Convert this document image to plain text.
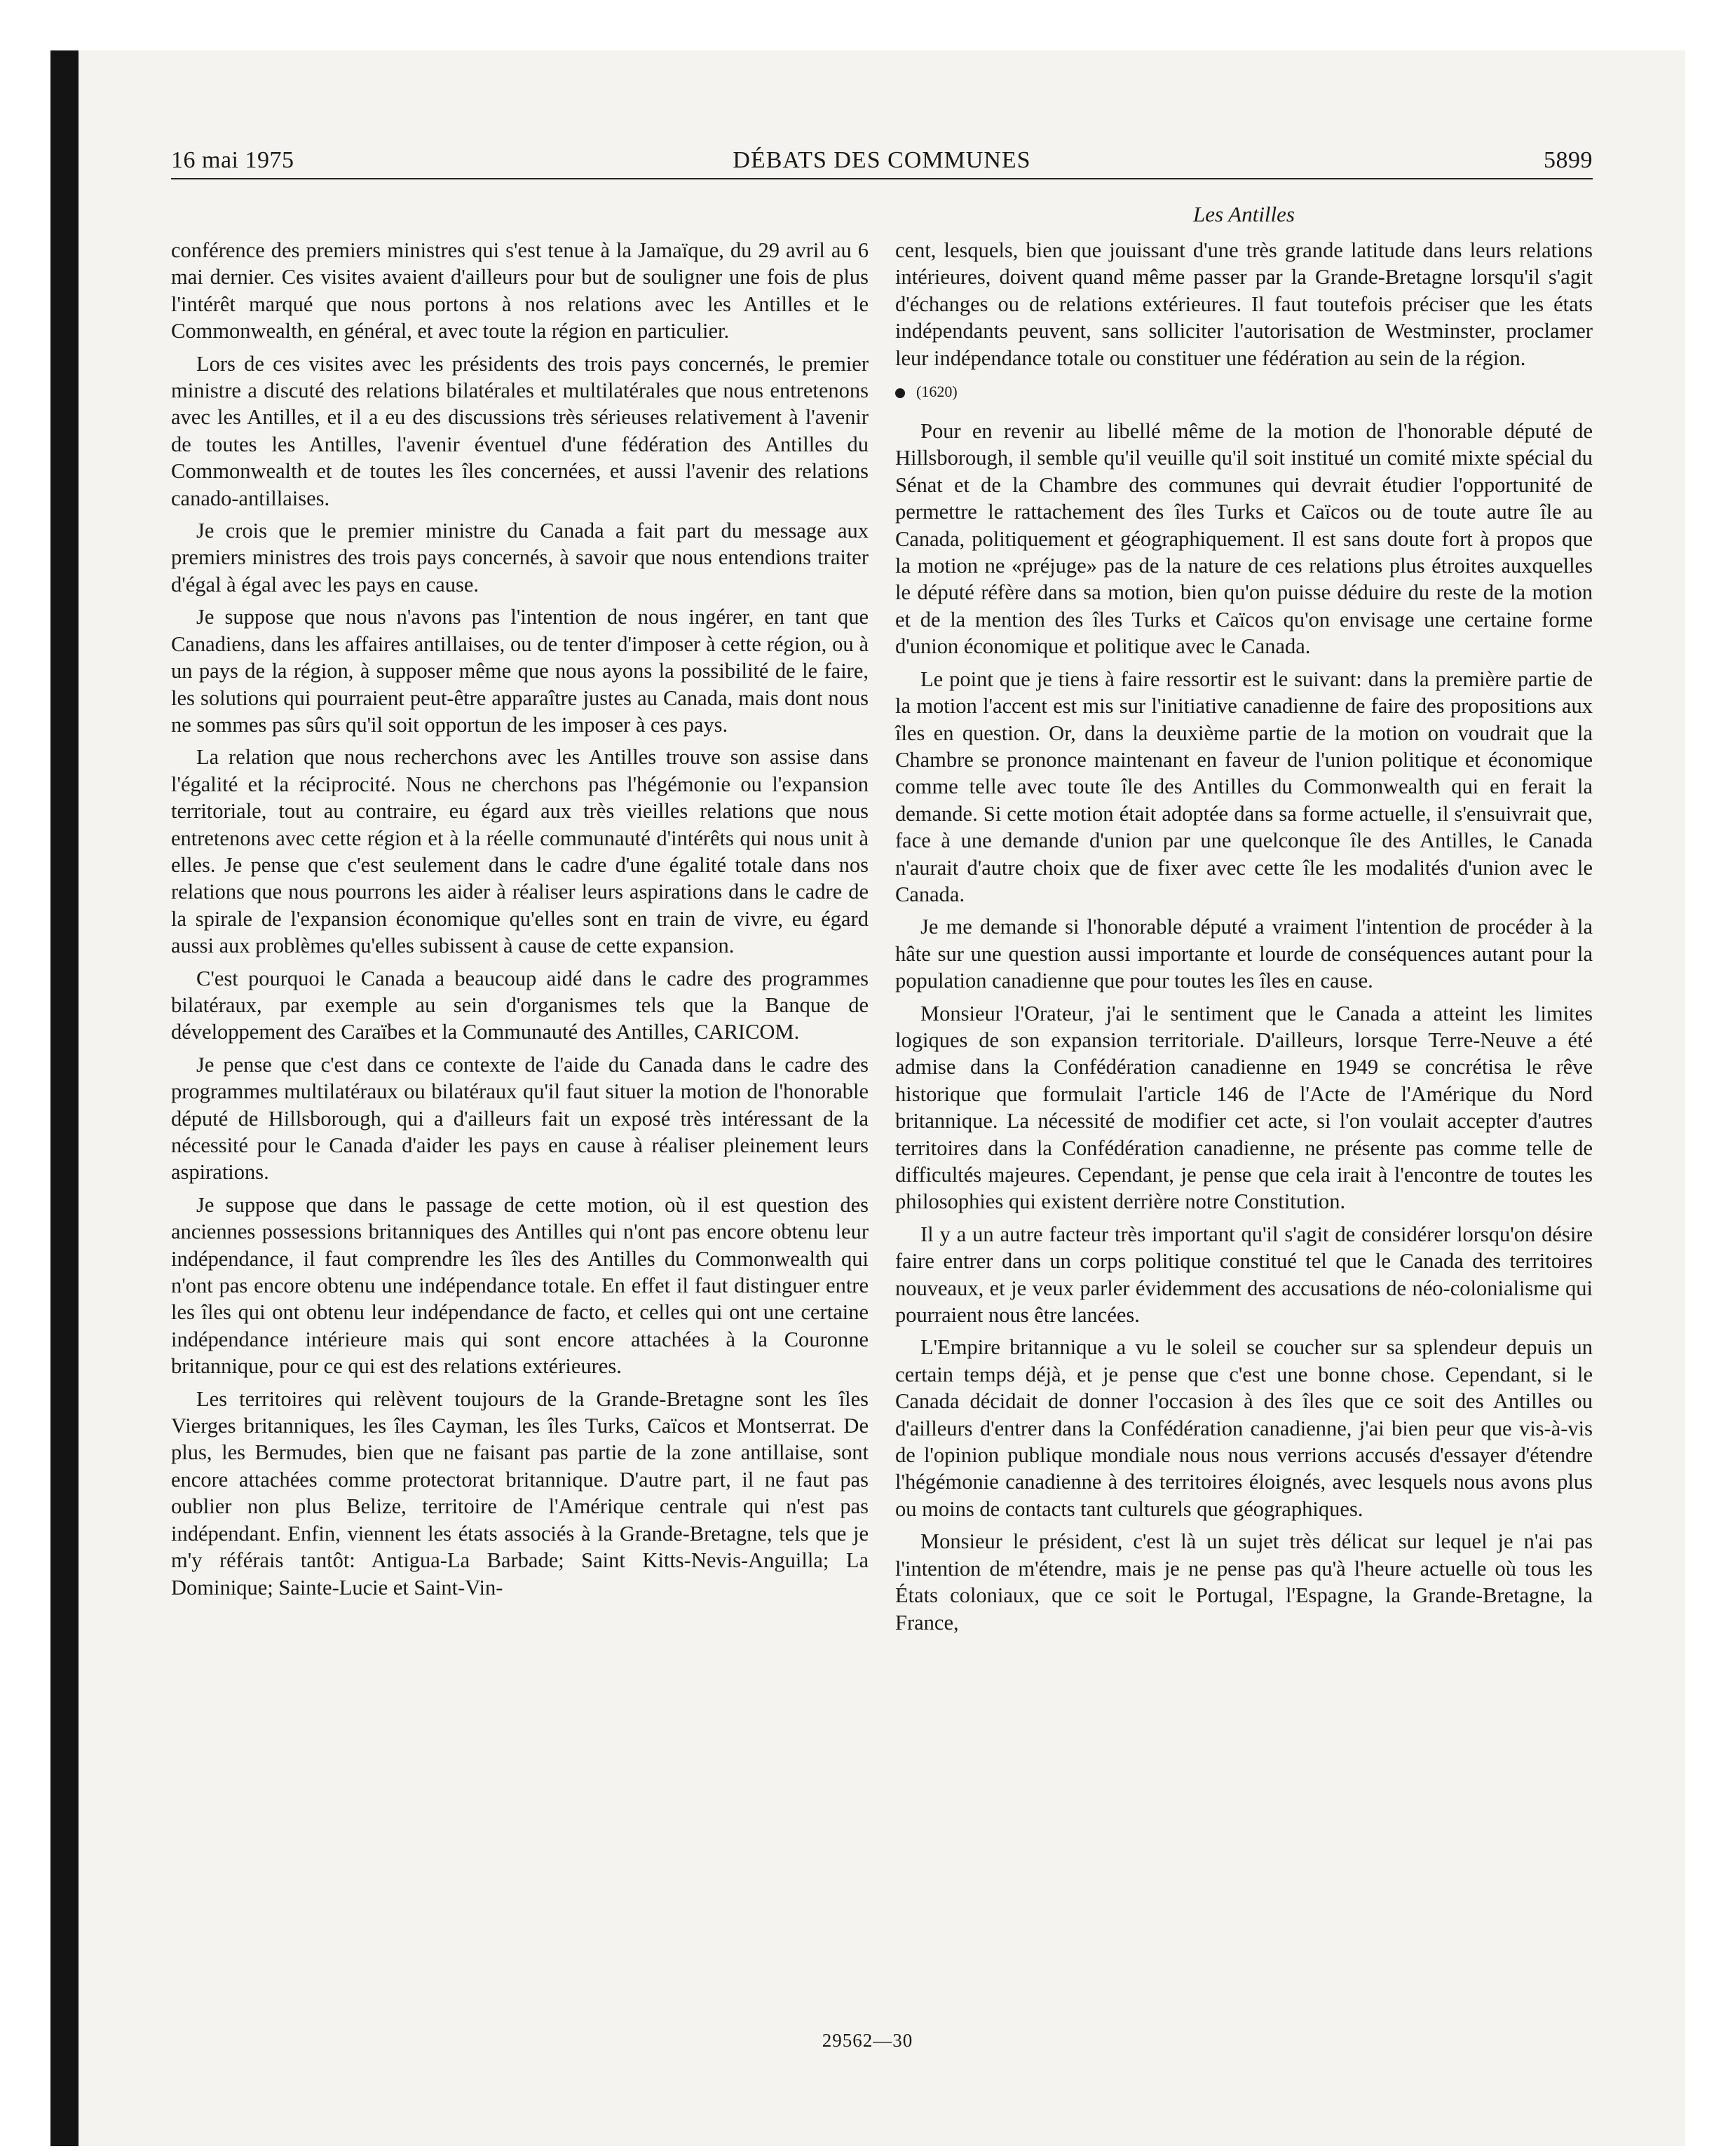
16 mai 1975	DÉBATS DES COMMUNES	5899
Les Antilles

conférence des premiers ministres qui s'est tenue à la Jamaïque, du 29 avril au 6 mai dernier. Ces visites avaient d'ailleurs pour but de souligner une fois de plus l'intérêt marqué que nous portons à nos relations avec les Antilles et le Commonwealth, en général, et avec toute la région en particulier.

Lors de ces visites avec les présidents des trois pays concernés, le premier ministre a discuté des relations bilatérales et multilatérales que nous entretenons avec les Antilles, et il a eu des discussions très sérieuses relativement à l'avenir de toutes les Antilles, l'avenir éventuel d'une fédération des Antilles du Commonwealth et de toutes les îles concernées, et aussi l'avenir des relations canado-antillaises.

Je crois que le premier ministre du Canada a fait part du message aux premiers ministres des trois pays concernés, à savoir que nous entendions traiter d'égal à égal avec les pays en cause.

Je suppose que nous n'avons pas l'intention de nous ingérer, en tant que Canadiens, dans les affaires antillaises, ou de tenter d'imposer à cette région, ou à un pays de la région, à supposer même que nous ayons la possibilité de le faire, les solutions qui pourraient peut-être apparaître justes au Canada, mais dont nous ne sommes pas sûrs qu'il soit opportun de les imposer à ces pays.

La relation que nous recherchons avec les Antilles trouve son assise dans l'égalité et la réciprocité. Nous ne cherchons pas l'hégémonie ou l'expansion territoriale, tout au contraire, eu égard aux très vieilles relations que nous entretenons avec cette région et à la réelle communauté d'intérêts qui nous unit à elles. Je pense que c'est seulement dans le cadre d'une égalité totale dans nos relations que nous pourrons les aider à réaliser leurs aspirations dans le cadre de la spirale de l'expansion économique qu'elles sont en train de vivre, eu égard aussi aux problèmes qu'elles subissent à cause de cette expansion.

C'est pourquoi le Canada a beaucoup aidé dans le cadre des programmes bilatéraux, par exemple au sein d'organismes tels que la Banque de développement des Caraïbes et la Communauté des Antilles, CARICOM.

Je pense que c'est dans ce contexte de l'aide du Canada dans le cadre des programmes multilatéraux ou bilatéraux qu'il faut situer la motion de l'honorable député de Hillsborough, qui a d'ailleurs fait un exposé très intéressant de la nécessité pour le Canada d'aider les pays en cause à réaliser pleinement leurs aspirations.

Je suppose que dans le passage de cette motion, où il est question des anciennes possessions britanniques des Antilles qui n'ont pas encore obtenu leur indépendance, il faut comprendre les îles des Antilles du Commonwealth qui n'ont pas encore obtenu une indépendance totale. En effet il faut distinguer entre les îles qui ont obtenu leur indépendance de facto, et celles qui ont une certaine indépendance intérieure mais qui sont encore attachées à la Couronne britannique, pour ce qui est des relations extérieures.

Les territoires qui relèvent toujours de la Grande-Bretagne sont les îles Vierges britanniques, les îles Cayman, les îles Turks, Caïcos et Montserrat. De plus, les Bermudes, bien que ne faisant pas partie de la zone antillaise, sont encore attachées comme protectorat britannique. D'autre part, il ne faut pas oublier non plus Belize, territoire de l'Amérique centrale qui n'est pas indépendant. Enfin, viennent les états associés à la Grande-Bretagne, tels que je m'y référais tantôt: Antigua-La Barbade; Saint Kitts-Nevis-Anguilla; La Dominique; Sainte-Lucie et Saint-Vin-

cent, lesquels, bien que jouissant d'une très grande latitude dans leurs relations intérieures, doivent quand même passer par la Grande-Bretagne lorsqu'il s'agit d'échanges ou de relations extérieures. Il faut toutefois préciser que les états indépendants peuvent, sans solliciter l'autorisation de Westminster, proclamer leur indépendance totale ou constituer une fédération au sein de la région.

(1620)

Pour en revenir au libellé même de la motion de l'honorable député de Hillsborough, il semble qu'il veuille qu'il soit institué un comité mixte spécial du Sénat et de la Chambre des communes qui devrait étudier l'opportunité de permettre le rattachement des îles Turks et Caïcos ou de toute autre île au Canada, politiquement et géographiquement. Il est sans doute fort à propos que la motion ne «préjuge» pas de la nature de ces relations plus étroites auxquelles le député réfère dans sa motion, bien qu'on puisse déduire du reste de la motion et de la mention des îles Turks et Caïcos qu'on envisage une certaine forme d'union économique et politique avec le Canada.

Le point que je tiens à faire ressortir est le suivant: dans la première partie de la motion l'accent est mis sur l'initiative canadienne de faire des propositions aux îles en question. Or, dans la deuxième partie de la motion on voudrait que la Chambre se prononce maintenant en faveur de l'union politique et économique comme telle avec toute île des Antilles du Commonwealth qui en ferait la demande. Si cette motion était adoptée dans sa forme actuelle, il s'ensuivrait que, face à une demande d'union par une quelconque île des Antilles, le Canada n'aurait d'autre choix que de fixer avec cette île les modalités d'union avec le Canada.

Je me demande si l'honorable député a vraiment l'intention de procéder à la hâte sur une question aussi importante et lourde de conséquences autant pour la population canadienne que pour toutes les îles en cause.

Monsieur l'Orateur, j'ai le sentiment que le Canada a atteint les limites logiques de son expansion territoriale. D'ailleurs, lorsque Terre-Neuve a été admise dans la Confédération canadienne en 1949 se concrétisa le rêve historique que formulait l'article 146 de l'Acte de l'Amérique du Nord britannique. La nécessité de modifier cet acte, si l'on voulait accepter d'autres territoires dans la Confédération canadienne, ne présente pas comme telle de difficultés majeures. Cependant, je pense que cela irait à l'encontre de toutes les philosophies qui existent derrière notre Constitution.

Il y a un autre facteur très important qu'il s'agit de considérer lorsqu'on désire faire entrer dans un corps politique constitué tel que le Canada des territoires nouveaux, et je veux parler évidemment des accusations de néo-colonialisme qui pourraient nous être lancées.

L'Empire britannique a vu le soleil se coucher sur sa splendeur depuis un certain temps déjà, et je pense que c'est une bonne chose. Cependant, si le Canada décidait de donner l'occasion à des îles que ce soit des Antilles ou d'ailleurs d'entrer dans la Confédération canadienne, j'ai bien peur que vis-à-vis de l'opinion publique mondiale nous nous verrions accusés d'essayer d'étendre l'hégémonie canadienne à des territoires éloignés, avec lesquels nous avons plus ou moins de contacts tant culturels que géographiques.

Monsieur le président, c'est là un sujet très délicat sur lequel je n'ai pas l'intention de m'étendre, mais je ne pense pas qu'à l'heure actuelle où tous les États coloniaux, que ce soit le Portugal, l'Espagne, la Grande-Bretagne, la France,

29562—30
